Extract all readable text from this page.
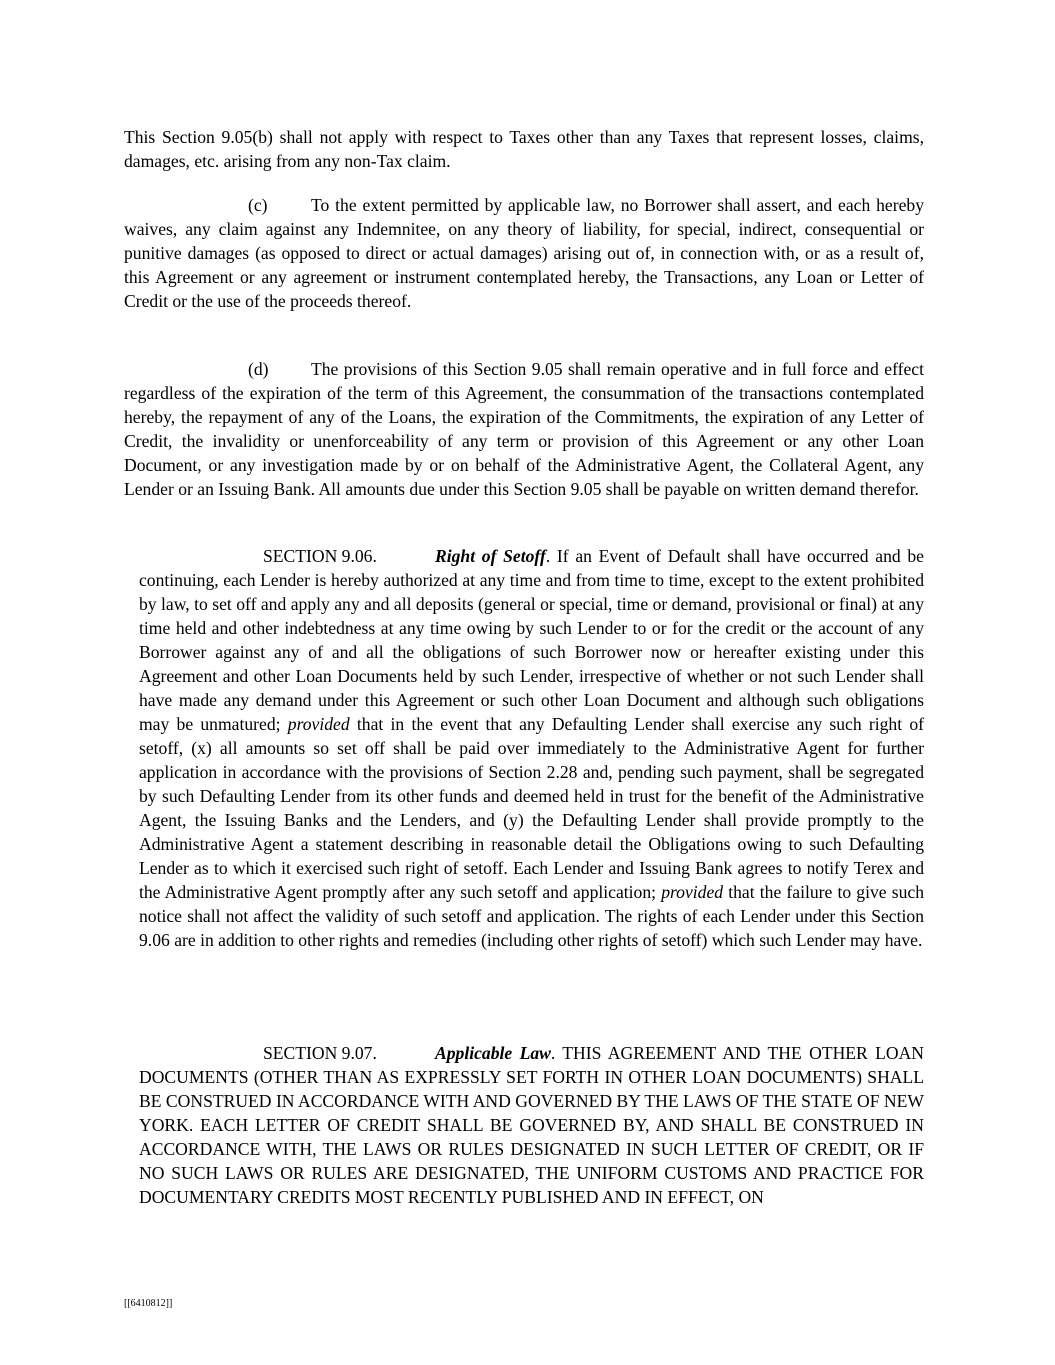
This Section 9.05(b) shall not apply with respect to Taxes other than any Taxes that represent losses, claims, damages, etc. arising from any non-Tax claim.

(c) To the extent permitted by applicable law, no Borrower shall assert, and each hereby waives, any claim against any Indemnitee, on any theory of liability, for special, indirect, consequential or punitive damages (as opposed to direct or actual damages) arising out of, in connection with, or as a result of, this Agreement or any agreement or instrument contemplated hereby, the Transactions, any Loan or Letter of Credit or the use of the proceeds thereof.

(d) The provisions of this Section 9.05 shall remain operative and in full force and effect regardless of the expiration of the term of this Agreement, the consummation of the transactions contemplated hereby, the repayment of any of the Loans, the expiration of the Commitments, the expiration of any Letter of Credit, the invalidity or unenforceability of any term or provision of this Agreement or any other Loan Document, or any investigation made by or on behalf of the Administrative Agent, the Collateral Agent, any Lender or an Issuing Bank. All amounts due under this Section 9.05 shall be payable on written demand therefor.

SECTION 9.06.	Right of Setoff. If an Event of Default shall have occurred and be continuing, each Lender is hereby authorized at any time and from time to time, except to the extent prohibited by law, to set off and apply any and all deposits (general or special, time or demand, provisional or final) at any time held and other indebtedness at any time owing by such Lender to or for the credit or the account of any Borrower against any of and all the obligations of such Borrower now or hereafter existing under this Agreement and other Loan Documents held by such Lender, irrespective of whether or not such Lender shall have made any demand under this Agreement or such other Loan Document and although such obligations may be unmatured; provided that in the event that any Defaulting Lender shall exercise any such right of setoff, (x) all amounts so set off shall be paid over immediately to the Administrative Agent for further application in accordance with the provisions of Section 2.28 and, pending such payment, shall be segregated by such Defaulting Lender from its other funds and deemed held in trust for the benefit of the Administrative Agent, the Issuing Banks and the Lenders, and (y) the Defaulting Lender shall provide promptly to the Administrative Agent a statement describing in reasonable detail the Obligations owing to such Defaulting Lender as to which it exercised such right of setoff. Each Lender and Issuing Bank agrees to notify Terex and the Administrative Agent promptly after any such setoff and application; provided that the failure to give such notice shall not affect the validity of such setoff and application. The rights of each Lender under this Section 9.06 are in addition to other rights and remedies (including other rights of setoff) which such Lender may have.

SECTION 9.07.	Applicable Law. THIS AGREEMENT AND THE OTHER LOAN DOCUMENTS (OTHER THAN AS EXPRESSLY SET FORTH IN OTHER LOAN DOCUMENTS) SHALL BE CONSTRUED IN ACCORDANCE WITH AND GOVERNED BY THE LAWS OF THE STATE OF NEW YORK. EACH LETTER OF CREDIT SHALL BE GOVERNED BY, AND SHALL BE CONSTRUED IN ACCORDANCE WITH, THE LAWS OR RULES DESIGNATED IN SUCH LETTER OF CREDIT, OR IF NO SUCH LAWS OR RULES ARE DESIGNATED, THE UNIFORM CUSTOMS AND PRACTICE FOR DOCUMENTARY CREDITS MOST RECENTLY PUBLISHED AND IN EFFECT, ON

[[6410812]]
